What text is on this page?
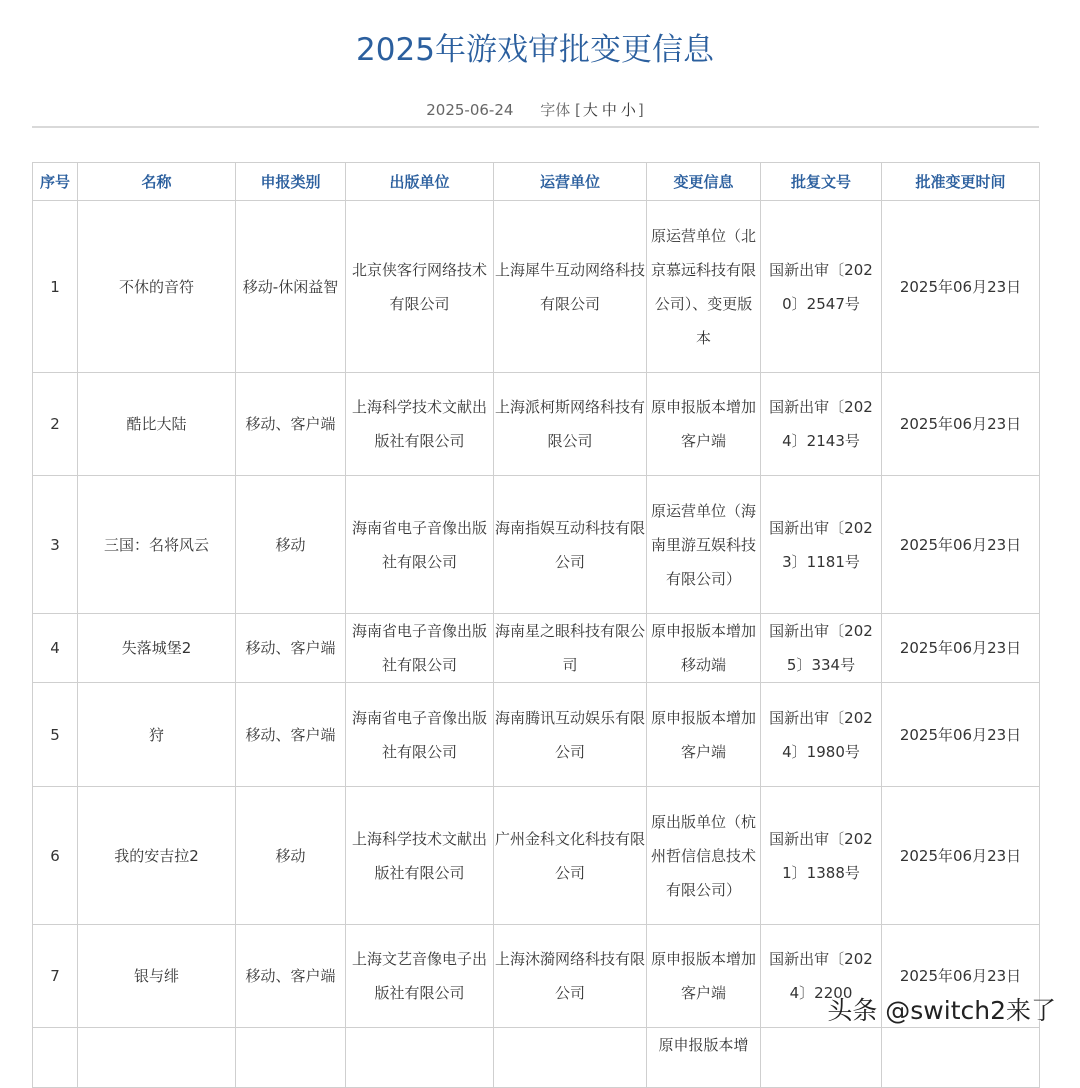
2025年游戏审批变更信息
2025-06-24 字体 [ 大 中 小 ]
序号	名称	申报类别	出版单位	运营单位	变更信息	批复文号	批准变更时间
1	不休的音符	移动-休闲益智	北京侠客行网络技术有限公司	上海犀牛互动网络科技有限公司	原运营单位（北京慕远科技有限公司）、变更版本	国新出审〔2020〕2547号	2025年06月23日
2	酷比大陆	移动、客户端	上海科学技术文献出版社有限公司	上海派柯斯网络科技有限公司	原申报版本增加客户端	国新出审〔2024〕2143号	2025年06月23日
3	三国：名将风云	移动	海南省电子音像出版社有限公司	海南指娱互动科技有限公司	原运营单位（海南里游互娱科技有限公司）	国新出审〔2023〕1181号	2025年06月23日
4	失落城堡2	移动、客户端	海南省电子音像出版社有限公司	海南星之眼科技有限公司	原申报版本增加移动端	国新出审〔2025〕334号	2025年06月23日
5	狩	移动、客户端	海南省电子音像出版社有限公司	海南腾讯互动娱乐有限公司	原申报版本增加客户端	国新出审〔2024〕1980号	2025年06月23日
6	我的安吉拉2	移动	上海科学技术文献出版社有限公司	广州金科文化科技有限公司	原出版单位（杭州哲信信息技术有限公司）	国新出审〔2021〕1388号	2025年06月23日
7	银与绯	移动、客户端	上海文艺音像电子出版社有限公司	上海沐漪网络科技有限公司	原申报版本增加客户端	国新出审〔2024〕2200	2025年06月23日
					原申报版本增		
头条 @switch2来了
